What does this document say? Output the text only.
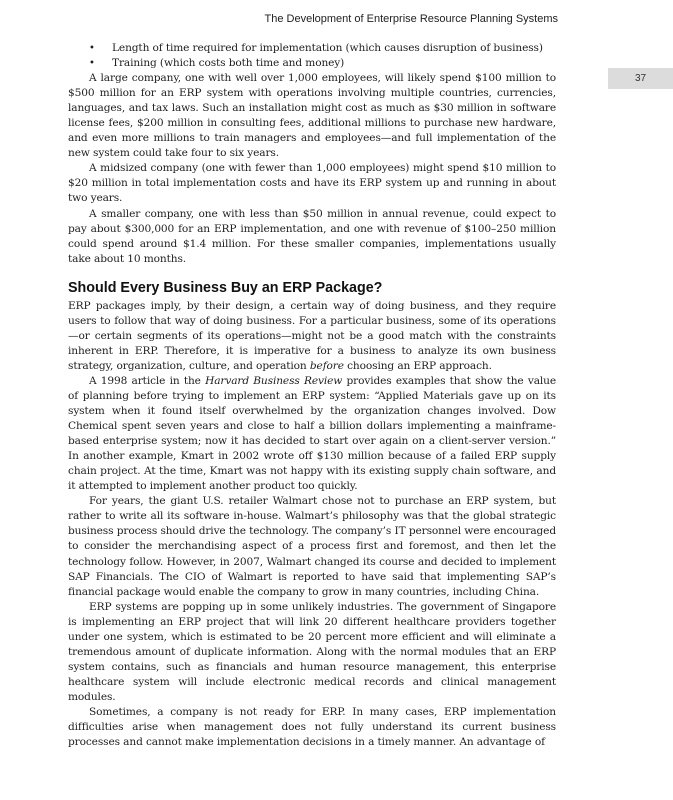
The Development of Enterprise Resource Planning Systems
37
• Length of time required for implementation (which causes disruption of business)
• Training (which costs both time and money)

A large company, one with well over 1,000 employees, will likely spend $100 million to $500 million for an ERP system with operations involving multiple countries, currencies, languages, and tax laws. Such an installation might cost as much as $30 million in software license fees, $200 million in consulting fees, additional millions to purchase new hardware, and even more millions to train managers and employees—and full implementation of the new system could take four to six years.

A midsized company (one with fewer than 1,000 employees) might spend $10 million to $20 million in total implementation costs and have its ERP system up and running in about two years.

A smaller company, one with less than $50 million in annual revenue, could expect to pay about $300,000 for an ERP implementation, and one with revenue of $100–250 million could spend around $1.4 million. For these smaller companies, implementations usually take about 10 months.

Should Every Business Buy an ERP Package?

ERP packages imply, by their design, a certain way of doing business, and they require users to follow that way of doing business. For a particular business, some of its operations—or certain segments of its operations—might not be a good match with the constraints inherent in ERP. Therefore, it is imperative for a business to analyze its own business strategy, organization, culture, and operation before choosing an ERP approach.

A 1998 article in the Harvard Business Review provides examples that show the value of planning before trying to implement an ERP system: “Applied Materials gave up on its system when it found itself overwhelmed by the organization changes involved. Dow Chemical spent seven years and close to half a billion dollars implementing a mainframe-based enterprise system; now it has decided to start over again on a client-server version.” In another example, Kmart in 2002 wrote off $130 million because of a failed ERP supply chain project. At the time, Kmart was not happy with its existing supply chain software, and it attempted to implement another product too quickly.

For years, the giant U.S. retailer Walmart chose not to purchase an ERP system, but rather to write all its software in-house. Walmart’s philosophy was that the global strategic business process should drive the technology. The company’s IT personnel were encouraged to consider the merchandising aspect of a process first and foremost, and then let the technology follow. However, in 2007, Walmart changed its course and decided to implement SAP Financials. The CIO of Walmart is reported to have said that implementing SAP’s financial package would enable the company to grow in many countries, including China.

ERP systems are popping up in some unlikely industries. The government of Singapore is implementing an ERP project that will link 20 different healthcare providers together under one system, which is estimated to be 20 percent more efficient and will eliminate a tremendous amount of duplicate information. Along with the normal modules that an ERP system contains, such as financials and human resource management, this enterprise healthcare system will include electronic medical records and clinical management modules.

Sometimes, a company is not ready for ERP. In many cases, ERP implementation difficulties arise when management does not fully understand its current business processes and cannot make implementation decisions in a timely manner. An advantage of
